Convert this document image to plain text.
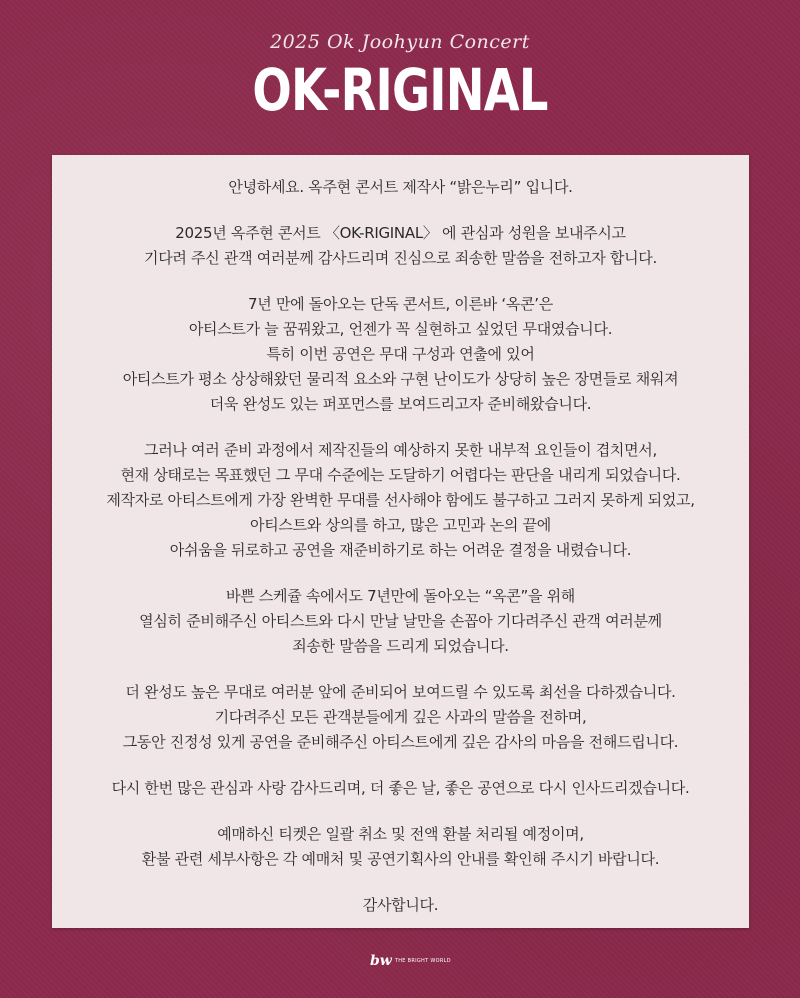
2025 Ok Joohyun Concert
OK-RIGINAL
안녕하세요. 옥주현 콘서트 제작사 “밝은누리” 입니다.
2025년 옥주현 콘서트 〈OK-RIGINAL〉 에 관심과 성원을 보내주시고
기다려 주신 관객 여러분께 감사드리며 진심으로 죄송한 말씀을 전하고자 합니다.
7년 만에 돌아오는 단독 콘서트, 이른바 ‘옥콘’은
아티스트가 늘 꿈꿔왔고, 언젠가 꼭 실현하고 싶었던 무대였습니다.
특히 이번 공연은 무대 구성과 연출에 있어
아티스트가 평소 상상해왔던 물리적 요소와 구현 난이도가 상당히 높은 장면들로 채워져
더욱 완성도 있는 퍼포먼스를 보여드리고자 준비해왔습니다.
그러나 여러 준비 과정에서 제작진들의 예상하지 못한 내부적 요인들이 겹치면서,
현재 상태로는 목표했던 그 무대 수준에는 도달하기 어렵다는 판단을 내리게 되었습니다.
제작자로 아티스트에게 가장 완벽한 무대를 선사해야 함에도 불구하고 그러지 못하게 되었고,
아티스트와 상의를 하고, 많은 고민과 논의 끝에
아쉬움을 뒤로하고 공연을 재준비하기로 하는 어려운 결정을 내렸습니다.
바쁜 스케쥴 속에서도 7년만에 돌아오는 “옥콘”을 위해
열심히 준비해주신 아티스트와 다시 만날 날만을 손꼽아 기다려주신 관객 여러분께
죄송한 말씀을 드리게 되었습니다.
더 완성도 높은 무대로 여러분 앞에 준비되어 보여드릴 수 있도록 최선을 다하겠습니다.
기다려주신 모든 관객분들에게 깊은 사과의 말씀을 전하며,
그동안 진정성 있게 공연을 준비해주신 아티스트에게 깊은 감사의 마음을 전해드립니다.
다시 한번 많은 관심과 사랑 감사드리며, 더 좋은 날, 좋은 공연으로 다시 인사드리겠습니다.
예매하신 티켓은 일괄 취소 및 전액 환불 처리될 예정이며,
환불 관련 세부사항은 각 예매처 및 공연기획사의 안내를 확인해 주시기 바랍니다.
감사합니다.
bw THE BRIGHT WORLD
